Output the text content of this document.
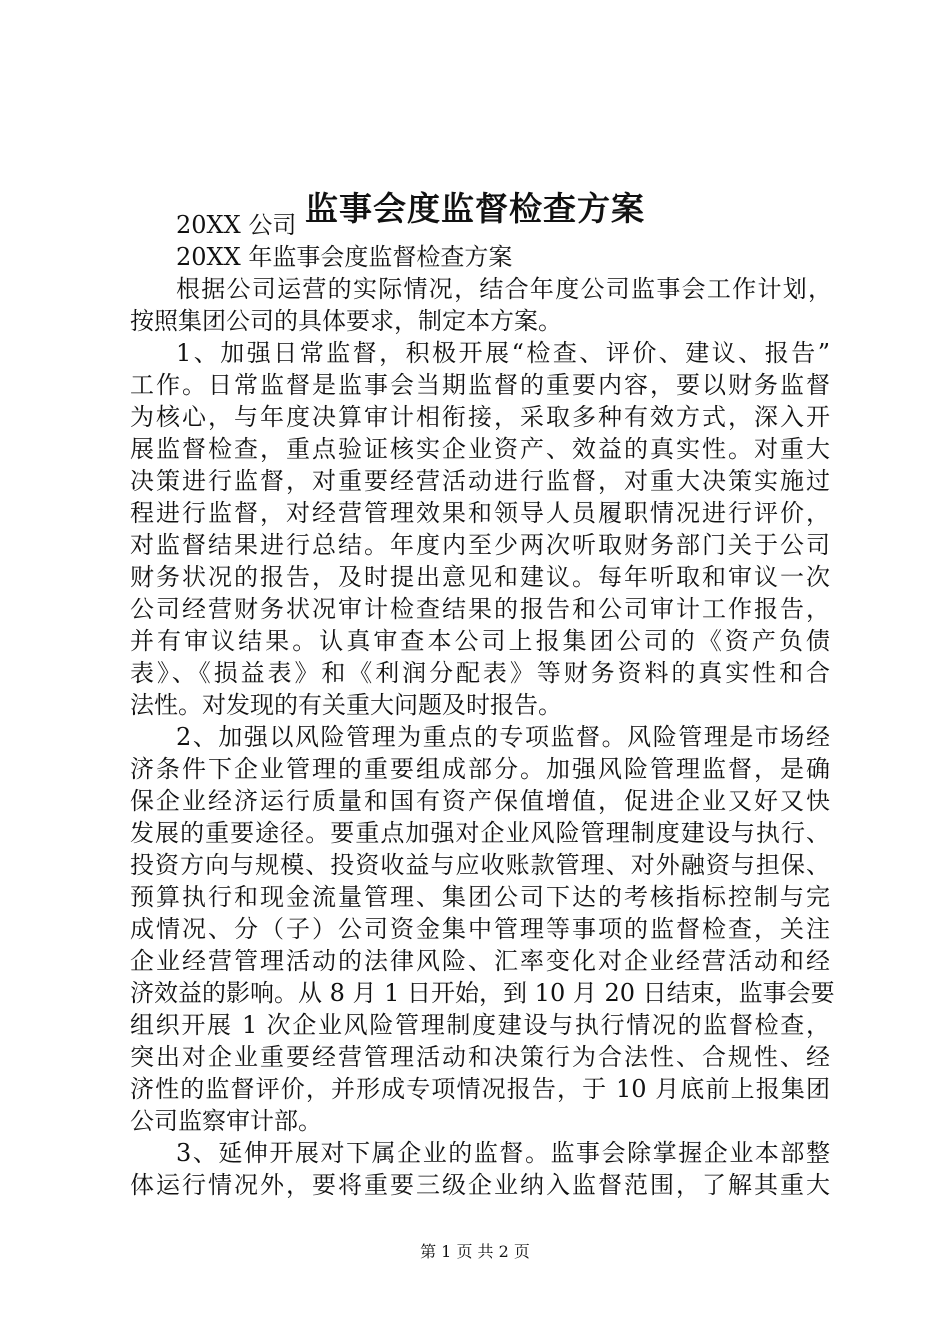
监事会度监督检查方案
20XX 公司
20XX 年监事会度监督检查方案
根据公司运营的实际情况，结合年度公司监事会工作计划，
按照集团公司的具体要求，制定本方案。
1、加强日常监督，积极开展“检查、评价、建议、报告”
工作。日常监督是监事会当期监督的重要内容，要以财务监督
为核心，与年度决算审计相衔接，采取多种有效方式，深入开
展监督检查，重点验证核实企业资产、效益的真实性。对重大
决策进行监督，对重要经营活动进行监督，对重大决策实施过
程进行监督，对经营管理效果和领导人员履职情况进行评价，
对监督结果进行总结。年度内至少两次听取财务部门关于公司
财务状况的报告，及时提出意见和建议。每年听取和审议一次
公司经营财务状况审计检查结果的报告和公司审计工作报告，
并有审议结果。认真审查本公司上报集团公司的《资产负债
表》、《损益表》和《利润分配表》等财务资料的真实性和合
法性。对发现的有关重大问题及时报告。
2、加强以风险管理为重点的专项监督。风险管理是市场经
济条件下企业管理的重要组成部分。加强风险管理监督，是确
保企业经济运行质量和国有资产保值增值，促进企业又好又快
发展的重要途径。要重点加强对企业风险管理制度建设与执行、
投资方向与规模、投资收益与应收账款管理、对外融资与担保、
预算执行和现金流量管理、集团公司下达的考核指标控制与完
成情况、分（子）公司资金集中管理等事项的监督检查，关注
企业经营管理活动的法律风险、汇率变化对企业经营活动和经
济效益的影响。从 8 月 1 日开始，到 10 月 20 日结束，监事会要
组织开展 1 次企业风险管理制度建设与执行情况的监督检查，
突出对企业重要经营管理活动和决策行为合法性、合规性、经
济性的监督评价，并形成专项情况报告，于 10 月底前上报集团
公司监察审计部。
3、延伸开展对下属企业的监督。监事会除掌握企业本部整
体运行情况外，要将重要三级企业纳入监督范围，了解其重大
第 1 页 共 2 页
